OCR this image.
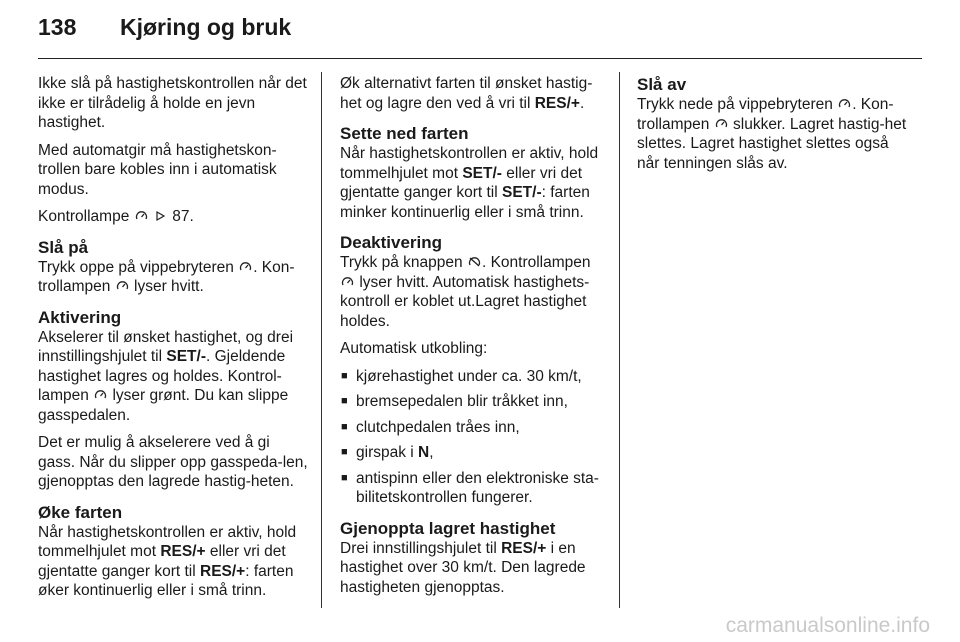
138	Kjøring og bruk

Ikke slå på hastighetskontrollen når det ikke er tilrådelig å holde en jevn hastighet.

Med automatgir må hastighetskon-trollen bare kobles inn i automatisk modus.

Kontrollampe
	87.

Slå på

Trykk oppe på vippebryteren . Kon-trollampen lyser hvitt.

Aktivering

Akselerer til ønsket hastighet, og drei innstillingshjulet til SET/-. Gjeldende hastighet lagres og holdes. Kontrol-lampen lyser grønt. Du kan slippe gasspedalen.

Det er mulig å akselerere ved å gi gass. Når du slipper opp gasspeda-len, gjenopptas den lagrede hastig-heten.

Øke farten

Når hastighetskontrollen er aktiv, hold tommelhjulet mot RES/+ eller vri det gjentatte ganger kort til RES/+: farten øker kontinuerlig eller i små trinn.

Øk alternativt farten til ønsket hastig-het og lagre den ved å vri til RES/+.

Sette ned farten

Når hastighetskontrollen er aktiv, hold tommelhjulet mot SET/- eller vri det gjentatte ganger kort til SET/-: farten minker kontinuerlig eller i små trinn.

Deaktivering

Trykk på knappen . Kontrollampen
lyser hvitt. Automatisk hastighets-kontroll er koblet ut.Lagret hastighet holdes.

Automatisk utkobling:

■ kjørehastighet under ca. 30 km/t,
■ bremsepedalen blir tråkket inn,
■ clutchpedalen tråes inn,
■ girspak i N,
■ antispinn eller den elektroniske sta-bilitetskontrollen fungerer.
Gjenoppta lagret hastighet

Drei innstillingshjulet til RES/+ i en hastighet over 30 km/t. Den lagrede hastigheten gjenopptas.

Slå av

Trykk nede på vippebryteren . Kon-trollampen slukker. Lagret hastig-het slettes. Lagret hastighet slettes også når tenningen slås av.

carmanualsonline.info
